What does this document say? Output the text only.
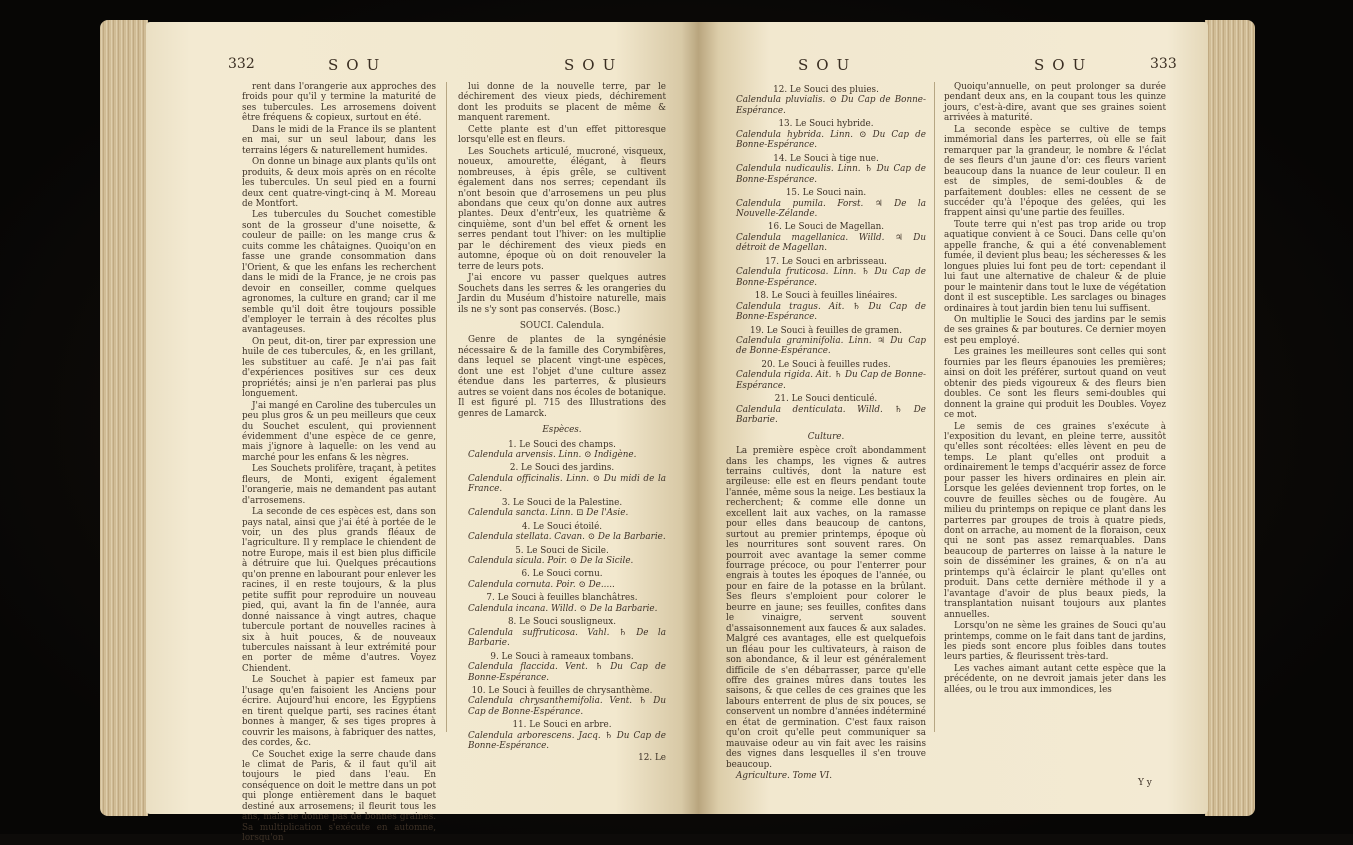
332	SOU	SOU

rent dans l'orangerie aux approches des froids pour qu'il y termine la maturité de ses tubercules. Les arrosemens doivent être fréquens & copieux, surtout en été.

Dans le midi de la France ils se plantent en mai, sur un seul labour, dans les terrains légers & naturellement humides.

On donne un binage aux plants qu'ils ont produits, & deux mois après on en récolte les tubercules. Un seul pied en a fourni deux cent quatre-vingt-cinq à M. Moreau de Montfort.

Les tubercules du Souchet comestible sont de la grosseur d'une noisette, & couleur de paille: on les mange crus & cuits comme les châtaignes. Quoiqu'on en fasse une grande consommation dans l'Orient, & que les enfans les recherchent dans le midi de la France, je ne crois pas devoir en conseiller, comme quelques agronomes, la culture en grand; car il me semble qu'il doit être toujours possible d'employer le terrain à des récoltes plus avantageuses.

On peut, dit-on, tirer par expression une huile de ces tubercules, &, en les grillant, les substituer au café. Je n'ai pas fait d'expériences positives sur ces deux propriétés; ainsi je n'en parlerai pas plus longuement.

J'ai mangé en Caroline des tubercules un peu plus gros & un peu meilleurs que ceux du Souchet esculent, qui proviennent évidemment d'une espèce de ce genre, mais j'ignore à laquelle: on les vend au marché pour les enfans & les nègres.

Les Souchets prolifère, traçant, à petites fleurs, de Monti, exigent également l'orangerie, mais ne demandent pas autant d'arrosemens.

La seconde de ces espèces est, dans son pays natal, ainsi que j'ai été à portée de le voir, un des plus grands fléaux de l'agriculture. Il y remplace le chiendent de notre Europe, mais il est bien plus difficile à détruire que lui. Quelques précautions qu'on prenne en labourant pour enlever les racines, il en reste toujours, & la plus petite suffit pour reproduire un nouveau pied, qui, avant la fin de l'année, aura donné naissance à vingt autres, chaque tubercule portant de nouvelles racines à six à huit pouces, & de nouveaux tubercules naissant à leur extrémité pour en porter de même d'autres. Voyez Chiendent.

Le Souchet à papier est fameux par l'usage qu'en faisoient les Anciens pour écrire. Aujourd'hui encore, les Égyptiens en tirent quelque parti, ses racines étant bonnes à manger, & ses tiges propres à couvrir les maisons, à fabriquer des nattes, des cordes, &c.

Ce Souchet exige la serre chaude dans le climat de Paris, & il faut qu'il ait toujours le pied dans l'eau. En conséquence on doit le mettre dans un pot qui plonge entièrement dans le baquet destiné aux arrosemens; il fleurit tous les ans, mais ne donne pas de bonnes graines. Sa multiplication s'exécute en automne, lorsqu'on

lui donne de la nouvelle terre, par le déchirement des vieux pieds, déchirement dont les produits se placent de même & manquent rarement.

Cette plante est d'un effet pittoresque lorsqu'elle est en fleurs.

Les Souchets articulé, mucroné, visqueux, noueux, amourette, élégant, à fleurs nombreuses, à épis grêle, se cultivent également dans nos serres; cependant ils n'ont besoin que d'arrosemens un peu plus abondans que ceux qu'on donne aux autres plantes. Deux d'entr'eux, les quatrième & cinquième, sont d'un bel effet & ornent les serres pendant tout l'hiver: on les multiplie par le déchirement des vieux pieds en automne, époque où on doit renouveler la terre de leurs pots.

J'ai encore vu passer quelques autres Souchets dans les serres & les orangeries du Jardin du Muséum d'histoire naturelle, mais ils ne s'y sont pas conservés. (Bosc.)

SOUCI. Calendula.

Genre de plantes de la syngénésie nécessaire & de la famille des Corymbifères, dans lequel se placent vingt-une espèces, dont une est l'objet d'une culture assez étendue dans les parterres, & plusieurs autres se voient dans nos écoles de botanique. Il est figuré pl. 715 des Illustrations des genres de Lamarck.

Espèces.

1. Le Souci des champs.

Calendula arvensis. Linn. ⊙ Indigène.

2. Le Souci des jardins.

Calendula officinalis. Linn. ⊙ Du midi de la France.

3. Le Souci de la Palestine.

Calendula sancta. Linn. ⊡ De l'Asie.

4. Le Souci étoilé.

Calendula stellata. Cavan. ⊙ De la Barbarie.

5. Le Souci de Sicile.

Calendula sicula. Poir. ⊙ De la Sicile.

6. Le Souci cornu.

Calendula cornuta. Poir. ⊙ De.....

7. Le Souci à feuilles blanchâtres.

Calendula incana. Willd. ⊙ De la Barbarie.

8. Le Souci sousligneux.

Calendula suffruticosa. Vahl. ♄ De la Barbarie.

9. Le Souci à rameaux tombans.

Calendula flaccida. Vent. ♄ Du Cap de Bonne-Espérance.

10. Le Souci à feuilles de chrysanthème.

Calendula chrysanthemifolia. Vent. ♄ Du Cap de Bonne-Espérance.

11. Le Souci en arbre.

Calendula arborescens. Jacq. ♄ Du Cap de Bonne-Espérance.

12. Le

SOU	SOU	333

12. Le Souci des pluies.

Calendula pluvialis. ⊙ Du Cap de Bonne-Espérance.

13. Le Souci hybride.

Calendula hybrida. Linn. ⊙ Du Cap de Bonne-Espérance.

14. Le Souci à tige nue.

Calendula nudicaulis. Linn. ♄ Du Cap de Bonne-Espérance.

15. Le Souci nain.

Calendula pumila. Forst. ♃ De la Nouvelle-Zélande.

16. Le Souci de Magellan.

Calendula magellanica. Willd. ♃ Du détroit de Magellan.

17. Le Souci en arbrisseau.

Calendula fruticosa. Linn. ♄ Du Cap de Bonne-Espérance.

18. Le Souci à feuilles linéaires.

Calendula tragus. Ait. ♄ Du Cap de Bonne-Espérance.

19. Le Souci à feuilles de gramen.

Calendula graminifolia. Linn. ♃ Du Cap de Bonne-Espérance.

20. Le Souci à feuilles rudes.

Calendula rigida. Ait. ♄ Du Cap de Bonne-Espérance.

21. Le Souci denticulé.

Calendula denticulata. Willd. ♄ De Barbarie.

Culture.

La première espèce croît abondamment dans les champs, les vignes & autres terrains cultivés, dont la nature est argileuse: elle est en fleurs pendant toute l'année, même sous la neige. Les bestiaux la recherchent; & comme elle donne un excellent lait aux vaches, on la ramasse pour elles dans beaucoup de cantons, surtout au premier printemps, époque où les nourritures sont souvent rares. On pourroit avec avantage la semer comme fourrage précoce, ou pour l'enterrer pour engrais à toutes les époques de l'année, ou pour en faire de la potasse en la brûlant. Ses fleurs s'emploient pour colorer le beurre en jaune; ses feuilles, confites dans le vinaigre, servent souvent d'assaisonnement aux fauces & aux salades. Malgré ces avantages, elle est quelquefois un fléau pour les cultivateurs, à raison de son abondance, & il leur est généralement difficile de s'en débarrasser, parce qu'elle offre des graines mûres dans toutes les saisons, & que celles de ces graines que les labours enterrent de plus de six pouces, se conservent un nombre d'années indéterminé en état de germination. C'est faux raison qu'on croit qu'elle peut communiquer sa mauvaise odeur au vin fait avec les raisins des vignes dans lesquelles il s'en trouve beaucoup.

Agriculture. Tome VI.

Quoiqu'annuelle, on peut prolonger sa durée pendant deux ans, en la coupant tous les quinze jours, c'est-à-dire, avant que ses graines soient arrivées à maturité.

La seconde espèce se cultive de temps immémorial dans les parterres, où elle se fait remarquer par la grandeur, le nombre & l'éclat de ses fleurs d'un jaune d'or: ces fleurs varient beaucoup dans la nuance de leur couleur. Il en est de simples, de semi-doubles & de parfaitement doubles: elles ne cessent de se succéder qu'à l'époque des gelées, qui les frappent ainsi qu'une partie des feuilles.

Toute terre qui n'est pas trop aride ou trop aquatique convient à ce Souci. Dans celle qu'on appelle franche, & qui a été convenablement fumée, il devient plus beau; les sécheresses & les longues pluies lui font peu de tort: cependant il lui faut une alternative de chaleur & de pluie pour le maintenir dans tout le luxe de végétation dont il est susceptible. Les sarclages ou binages ordinaires à tout jardin bien tenu lui suffisent.

On multiplie le Souci des jardins par le semis de ses graines & par boutures. Ce dernier moyen est peu employé.

Les graines les meilleures sont celles qui sont fournies par les fleurs épanouies les premières; ainsi on doit les préférer, surtout quand on veut obtenir des pieds vigoureux & des fleurs bien doubles. Ce sont les fleurs semi-doubles qui donnent la graine qui produit les Doubles. Voyez ce mot.

Le semis de ces graines s'exécute à l'exposition du levant, en pleine terre, aussitôt qu'elles sont récoltées: elles lèvent en peu de temps. Le plant qu'elles ont produit a ordinairement le temps d'acquérir assez de force pour passer les hivers ordinaires en plein air. Lorsque les gelées deviennent trop fortes, on le couvre de feuilles sèches ou de fougère. Au milieu du printemps on repique ce plant dans les parterres par groupes de trois à quatre pieds, dont on arrache, au moment de la floraison, ceux qui ne sont pas assez remarquables. Dans beaucoup de parterres on laisse à la nature le soin de disséminer les graines, & on n'a au printemps qu'à éclaircir le plant qu'elles ont produit. Dans cette dernière méthode il y a l'avantage d'avoir de plus beaux pieds, la transplantation nuisant toujours aux plantes annuelles.

Lorsqu'on ne sème les graines de Souci qu'au printemps, comme on le fait dans tant de jardins, les pieds sont encore plus foibles dans toutes leurs parties, & fleurissent très-tard.

Les vaches aimant autant cette espèce que la précédente, on ne devroit jamais jeter dans les allées, ou le trou aux immondices, les

Y y
